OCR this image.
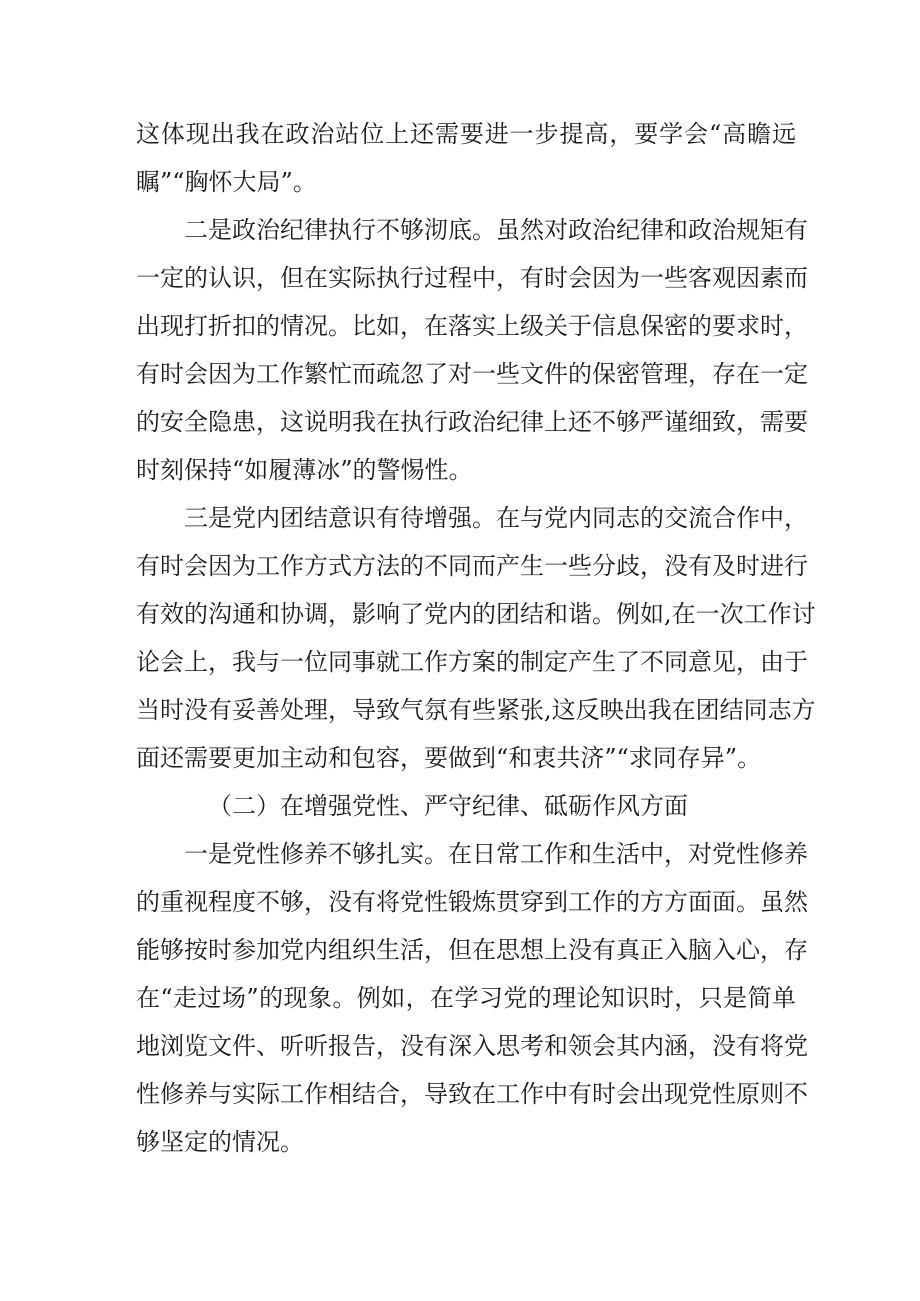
这体现出我在政治站位上还需要进一步提高，要学会“高瞻远
瞩”“胸怀大局”。
二是政治纪律执行不够沏底。虽然对政治纪律和政治规矩有
一定的认识，但在实际执行过程中，有时会因为一些客观因素而
出现打折扣的情况。比如，在落实上级关于信息保密的要求时，
有时会因为工作繁忙而疏忽了对一些文件的保密管理，存在一定
的安全隐患，这说明我在执行政治纪律上还不够严谨细致，需要
时刻保持“如履薄冰”的警惕性。
三是党内团结意识有待增强。在与党内同志的交流合作中，
有时会因为工作方式方法的不同而产生一些分歧，没有及时进行
有效的沟通和协调，影响了党内的团结和谐。例如,在一次工作讨
论会上，我与一位同事就工作方案的制定产生了不同意见，由于
当时没有妥善处理，导致气氛有些紧张,这反映出我在团结同志方
面还需要更加主动和包容，要做到“和衷共济”“求同存异”。
（二）在增强党性、严守纪律、砥砺作风方面
一是党性修养不够扎实。在日常工作和生活中，对党性修养
的重视程度不够，没有将党性锻炼贯穿到工作的方方面面。虽然
能够按时参加党内组织生活，但在思想上没有真正入脑入心，存
在“走过场”的现象。例如，在学习党的理论知识时，只是简单
地浏览文件、听听报告，没有深入思考和领会其内涵，没有将党
性修养与实际工作相结合，导致在工作中有时会出现党性原则不
够坚定的情况。
